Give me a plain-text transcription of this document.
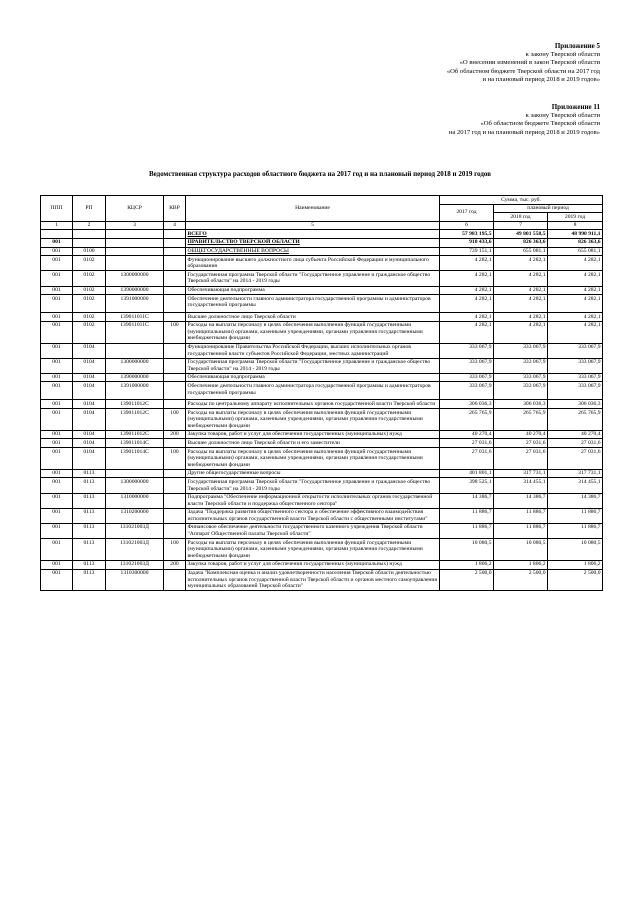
Приложение 5
к закону Тверской области
«О внесении изменений в закон Тверской области
«Об областном бюджете Тверской области на 2017 год
и на плановый период 2018 и 2019 годов»
Приложение 11
к закону Тверской области
«Об областном бюджете Тверской области
на 2017 год и на плановый период 2018 и 2019 годов»
Ведомственная структура расходов областного бюджета на 2017 год и на плановый период 2018 и 2019 годов
ППП	РП	КЦСР	КВР	Наименование	Сумма, тыс. руб.		
					2017 год	плановый период	
						2018 год	2019 год
1	2	3	4	5	6	7	8
				ВСЕГО	57 983 195,5	49 801 558,5	48 990 911,1
001				ПРАВИТЕЛЬСТВО ТВЕРСКОЙ ОБЛАСТИ	910 433,6	826 363,6	826 363,6
001	0100			ОБЩЕГОСУДАРСТВЕННЫЕ ВОПРОСЫ	739 151,1	655 081,1	655 081,1
001	0102			Функционирование высшего должностного лица субъекта Российской Федерации и муниципального образования	4 282,1	4 282,1	4 282,1
001	0102	1300000000		Государственная программа Тверской области "Государственное управление и гражданское общество Тверской области" на 2014 - 2019 годы	4 282,1	4 282,1	4 282,1
001	0102	1390000000		Обеспечивающая подпрограмма	4 282,1	4 282,1	4 282,1
001	0102	1391000000		Обеспечение деятельности главного администратора государственной программы и администраторов государственной программы	4 282,1	4 282,1	4 282,1
001	0102	139011011С		Высшее должностное лицо Тверской области	4 282,1	4 282,1	4 282,1
001	0102	139011011С	100	Расходы на выплаты персоналу в целях обеспечения выполнения функций государственными (муниципальными) органами, казенными учреждениями, органами управления государственными внебюджетными фондами	4 282,1	4 282,1	4 282,1
001	0104			Функционирование Правительства Российской Федерации, высших исполнительных органов государственной власти субъектов Российской Федерации, местных администраций	333 067,9	333 067,9	333 067,9
001	0104	1300000000		Государственная программа Тверской области "Государственное управление и гражданское общество Тверской области" на 2014 - 2019 годы	333 067,9	333 067,9	333 067,9
001	0104	1390000000		Обеспечивающая подпрограмма	333 067,9	333 067,9	333 067,9
001	0104	1391000000		Обеспечение деятельности главного администратора государственной программы и администраторов государственной программы	333 067,9	333 067,9	333 067,9
001	0104	139011012С		Расходы по центральному аппарату исполнительных органов государственной власти Тверской области	306 036,3	306 036,3	306 036,3
001	0104	139011012С	100	Расходы на выплаты персоналу в целях обеспечения выполнения функций государственными (муниципальными) органами, казенными учреждениями, органами управления государственными внебюджетными фондами	265 765,9	265 765,9	265 765,9
001	0104	139011012С	200	Закупка товаров, работ и услуг для обеспечения государственных (муниципальных) нужд	40 270,4	40 270,4	40 270,4
001	0104	139011014С		Высшее должностное лицо Тверской области и его заместители	27 031,6	27 031,6	27 031,6
001	0104	139011014С	100	Расходы на выплаты персоналу в целях обеспечения выполнения функций государственными (муниципальными) органами, казенными учреждениями, органами управления государственными внебюджетными фондами	27 031,6	27 031,6	27 031,6
001	0113			Другие общегосударственные вопросы	401 801,1	317 731,1	317 731,1
001	0113	1300000000		Государственная программа Тверской области "Государственное управление и гражданское общество Тверской области" на 2014 - 2019 годы	398 525,1	314 455,1	314 455,1
001	0113	1310000000		Подпрограмма "Обеспечение информационной открытости исполнительных органов государственной власти Тверской области и поддержка общественного сектора"	14 386,7	14 386,7	14 386,7
001	0113	1310200000		Задача "Поддержка развития общественного сектора и обеспечение эффективного взаимодействия исполнительных органов государственной власти Тверской области с общественными институтами"	11 886,7	11 886,7	11 886,7
001	0113	131021003Д		Финансовое обеспечение деятельности государственного казенного учреждения Тверской области "Аппарат Общественной палаты Тверской области"	11 886,7	11 886,7	11 886,7
001	0113	131021003Д	100	Расходы на выплаты персоналу в целях обеспечения выполнения функций государственными (муниципальными) органами, казенными учреждениями, органами управления государственными внебюджетными фондами	10 080,5	10 080,5	10 080,5
001	0113	131021003Д	200	Закупка товаров, работ и услуг для обеспечения государственных (муниципальных) нужд	1 806,2	1 806,2	1 806,2
001	0113	1310300000		Задача "Комплексная оценка и анализ удовлетворенности населения Тверской области деятельностью исполнительных органов государственной власти Тверской области и органов местного самоуправления муниципальных образований Тверской области"	2 500,0	2 500,0	2 500,0
